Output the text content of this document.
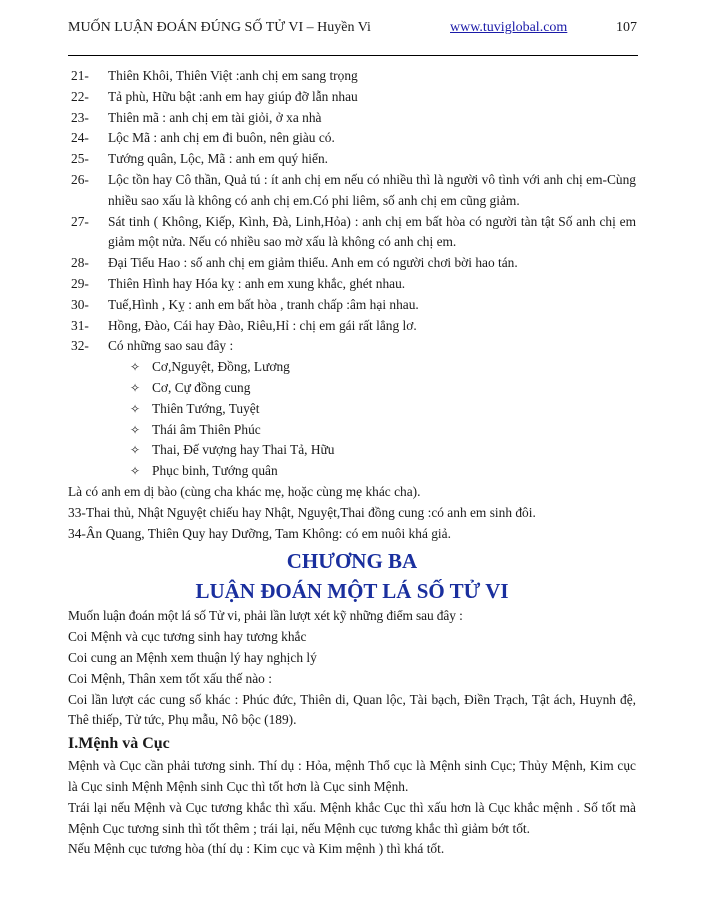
MUỐN LUẬN ĐOÁN ĐÚNG SỐ TỬ VI – Huyền Vi	www.tuviglobal.com	107
21-	Thiên Khôi, Thiên Việt :anh chị em sang trọng
22-	Tả phù, Hữu bật :anh em hay giúp đỡ lẫn nhau
23-	Thiên mã : anh chị em tài giỏi, ở xa nhà
24-	Lộc Mã : anh chị em đi buôn, nên giàu có.
25-	Tướng quân, Lộc, Mã : anh em quý hiển.
26-	Lộc tồn hay Cô thần, Quả tú : ít anh chị em nếu có nhiều thì là người vô tình với anh chị em-Cùng nhiều sao xấu là không có anh chị em.Có phi liêm, số anh chị em cũng giảm.
27-	Sát tinh ( Không, Kiếp, Kình, Đà, Linh,Hỏa) : anh chị em bất hòa có người tàn tật Số anh chị em giảm một nửa. Nếu có nhiều sao mờ xấu là không có anh chị em.
28-	Đại Tiểu Hao : số anh chị em giảm thiểu. Anh em có người chơi bời hao tán.
29-	Thiên Hình hay Hóa kỵ : anh em xung khắc, ghét nhau.
30-	Tuế,Hình , Kỵ : anh em bất hòa , tranh chấp :âm hại nhau.
31-	Hồng, Đào, Cái hay Đào, Riêu,Hỉ : chị em gái rất lẳng lơ.
32-	Có những sao sau đây :
✧ Cơ,Nguyệt, Đồng, Lương
✧ Cơ, Cự đồng cung
✧ Thiên Tướng, Tuyệt
✧ Thái âm Thiên Phúc
✧ Thai, Đế vượng hay Thai Tả, Hữu
✧ Phục binh, Tướng quân
Là có anh em dị bào (cùng cha khác mẹ, hoặc cùng mẹ khác cha).
33-Thai thủ, Nhật Nguyệt chiếu hay Nhật, Nguyệt,Thai đồng cung :có anh em sinh đôi.
34-Ân Quang, Thiên Quy hay Dưỡng, Tam Không: có em nuôi khá giả.
CHƯƠNG BA
LUẬN ĐOÁN MỘT LÁ SỐ TỬ VI
Muốn luận đoán một lá số Tử vi, phải lần lượt xét kỹ những điểm sau đây :
Coi Mệnh và cục tương sinh hay tương khắc
Coi cung an Mệnh xem thuận lý hay nghịch lý
Coi Mệnh, Thân xem tốt xấu thế nào :
Coi lần lượt các cung số khác : Phúc đức, Thiên di, Quan lộc, Tài bạch, Điền Trạch, Tật ách, Huynh đệ, Thê thiếp, Tử tức, Phụ mẫu, Nô bộc (189).
I.Mệnh và Cục
Mệnh và Cục cần phải tương sinh. Thí dụ : Hỏa, mệnh Thổ cục là Mệnh sinh Cục; Thủy Mệnh, Kim cục là Cục sinh Mệnh Mệnh sinh Cục thì tốt hơn là Cục sinh Mệnh.
Trái lại nếu Mệnh và Cục tương khắc thì xấu. Mệnh khắc Cục thì xấu hơn là Cục khắc mệnh . Số tốt mà Mệnh Cục tương sinh thì tốt thêm ; trái lại, nếu Mệnh cục tương khắc thì giảm bớt tốt.
Nếu Mệnh cục tương hòa (thí dụ : Kim cục và Kim mệnh ) thì khá tốt.
